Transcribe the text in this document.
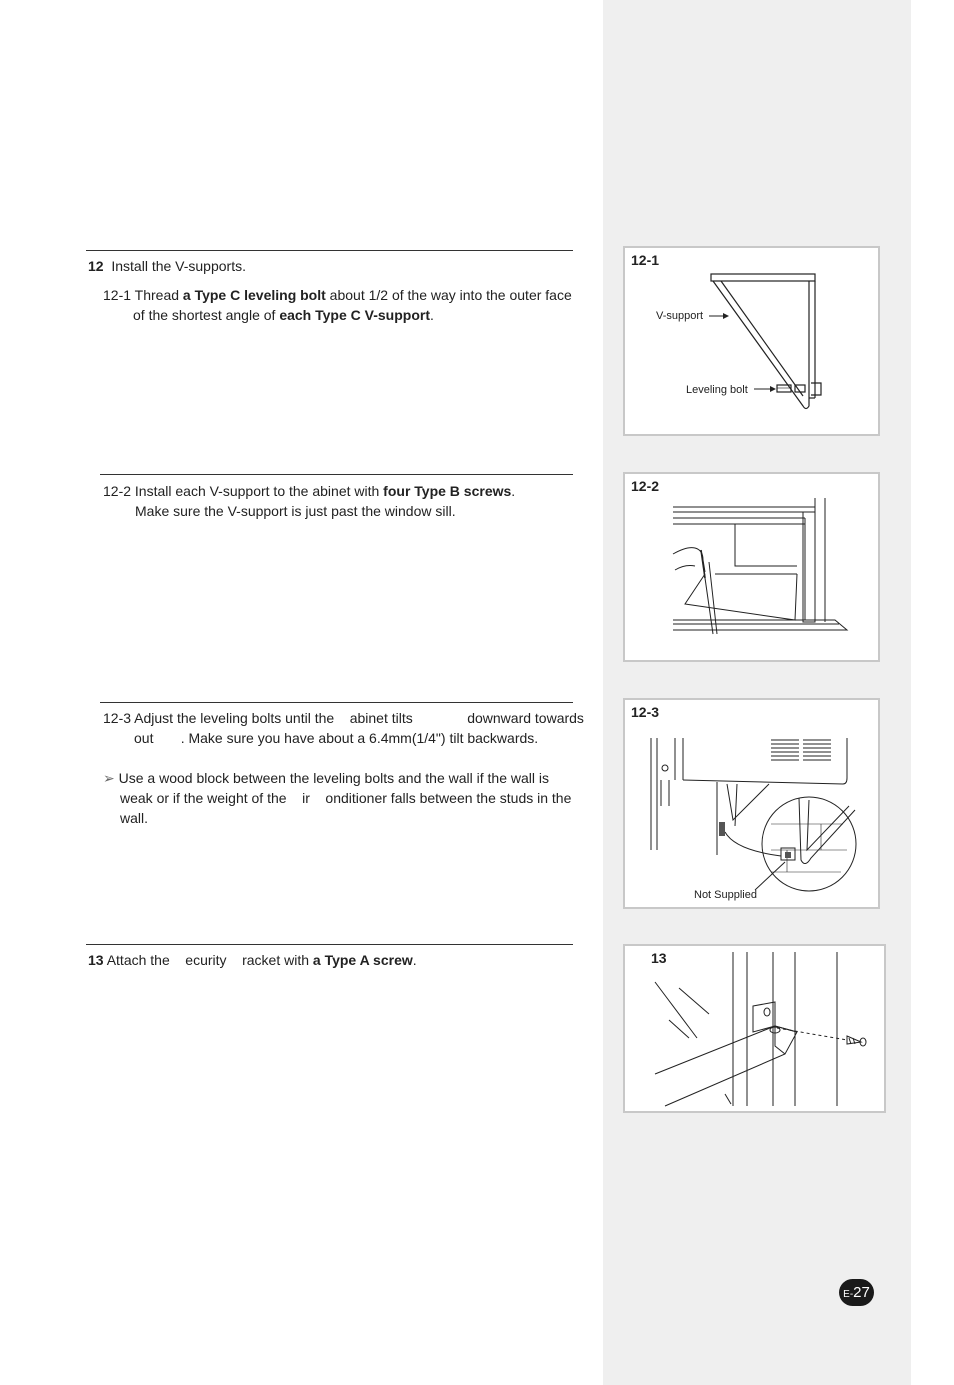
12 Install the V-supports.
12-1 Thread a Type C leveling bolt about 1/2 of the way into the outer face
of the shortest angle of each Type C V-support.
12-2 Install each V-support to the abinet with four Type B screws.
Make sure the V-support is just past the window sill.
12-3 Adjust the leveling bolts until the    abinet tilts              downward towards
out       . Make sure you have about a 6.4mm(1/4") tilt backwards.
➢ Use a wood block between the leveling bolts and the wall if the wall is
weak or if the weight of the    ir    onditioner falls between the studs in the
wall.
13 Attach the    ecurity    racket with a Type A screw.
12-1
V-support
Leveling bolt
12-2
12-3
Not Supplied
13
E-27
